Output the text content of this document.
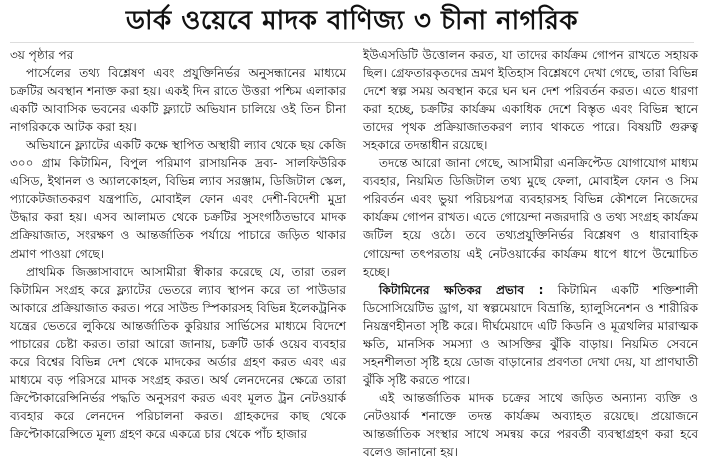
ডার্ক ওয়েবে মাদক বাণিজ্য ৩ চীনা নাগরিক

৩য় পৃষ্ঠার পর

পার্সেলের তথ্য বিশ্লেষণ এবং প্রযুক্তিনির্ভর অনুসন্ধানের মাধ্যমে চক্রটির অবস্থান শনাক্ত করা হয়। একই দিন রাতে উত্তরা পশ্চিম এলাকার একটি আবাসিক ভবনের একটি ফ্ল্যাটে অভিযান চালিয়ে ওই তিন চীনা নাগরিককে আটক করা হয়।

অভিযানে ফ্ল্যাটের একটি কক্ষে স্থাপিত অস্থায়ী ল্যাব থেকে ছয় কেজি ৩০০ গ্রাম কিটামিন, বিপুল পরিমাণ রাসায়নিক দ্রব্য- সালফিউরিক এসিড, ইথানল ও অ্যালকোহল, বিভিন্ন ল্যাব সরঞ্জাম, ডিজিটাল স্কেল, প্যাকেটজাতকরণ যন্ত্রপাতি, মোবাইল ফোন এবং দেশী-বিদেশী মুদ্রা উদ্ধার করা হয়। এসব আলামত থেকে চক্রটির সুসংগঠিতভাবে মাদক প্রক্রিয়াজাত, সংরক্ষণ ও আন্তর্জাতিক পর্যায়ে পাচারে জড়িত থাকার প্রমাণ পাওয়া গেছে।

প্রাথমিক জিজ্ঞাসাবাদে আসামীরা স্বীকার করেছে যে, তারা তরল কিটামিন সংগ্রহ করে ফ্ল্যাটের ভেতরে ল্যাব স্থাপন করে তা পাউডার আকারে প্রক্রিয়াজাত করত। পরে সাউন্ড স্পিকারসহ বিভিন্ন ইলেকট্রনিক যন্ত্রের ভেতরে লুকিয়ে আন্তর্জাতিক কুরিয়ার সার্ভিসের মাধ্যমে বিদেশে পাচারের চেষ্টা করত। তারা আরো জানায়, চক্রটি ডার্ক ওয়েব ব্যবহার করে বিশ্বের বিভিন্ন দেশ থেকে মাদকের অর্ডার গ্রহণ করত এবং এর মাধ্যমে বড় পরিসরে মাদক সংগ্রহ করত। অর্থ লেনদেনের ক্ষেত্রে তারা ক্রিপ্টোকারেন্সিনির্ভর পদ্ধতি অনুসরণ করত এবং মূলত ট্রন নেটওয়ার্ক ব্যবহার করে লেনদেন পরিচালনা করত। গ্রাহকদের কাছ থেকে ক্রিপ্টোকারেন্সিতে মূল্য গ্রহণ করে একত্রে চার থেকে পাঁচ হাজার

ইউএসডিটি উত্তোলন করত, যা তাদের কার্যক্রম গোপন রাখতে সহায়ক ছিল। গ্রেফতারকৃতদের ভ্রমণ ইতিহাস বিশ্লেষণে দেখা গেছে, তারা বিভিন্ন দেশে স্বল্প সময় অবস্থান করে ঘন ঘন দেশ পরিবর্তন করত। এতে ধারণা করা হচ্ছে, চক্রটির কার্যক্রম একাধিক দেশে বিস্তৃত এবং বিভিন্ন স্থানে তাদের পৃথক প্রক্রিয়াজাতকরণ ল্যাব থাকতে পারে। বিষয়টি গুরুত্ব সহকারে তদন্তাধীন রয়েছে।

তদন্তে আরো জানা গেছে, আসামীরা এনক্রিপ্টেড যোগাযোগ মাধ্যম ব্যবহার, নিয়মিত ডিজিটাল তথ্য মুছে ফেলা, মোবাইল ফোন ও সিম পরিবর্তন এবং ভুয়া পরিচয়পত্র ব্যবহারসহ বিভিন্ন কৌশলে নিজেদের কার্যক্রম গোপন রাখত। এতে গোয়েন্দা নজরদারি ও তথ্য সংগ্রহ কার্যক্রম জটিল হয়ে ওঠে। তবে তথ্যপ্রযুক্তিনির্ভর বিশ্লেষণ ও ধারাবাহিক গোয়েন্দা তৎপরতায় এই নেটওয়ার্কের কার্যক্রম ধাপে ধাপে উন্মোচিত হচ্ছে।

কিটামিনের ক্ষতিকর প্রভাব : কিটামিন একটি শক্তিশালী ডিসোসিয়েটিভ ড্রাগ, যা স্বল্পমেয়াদে বিভ্রান্তি, হ্যালুসিনেশন ও শারীরিক নিয়ন্ত্রণহীনতা সৃষ্টি করে। দীর্ঘমেয়াদে এটি কিডনি ও মূত্রথলির মারাত্মক ক্ষতি, মানসিক সমস্যা ও আসক্তির ঝুঁকি বাড়ায়। নিয়মিত সেবনে সহনশীলতা সৃষ্টি হয়ে ডোজ বাড়ানোর প্রবণতা দেখা দেয়, যা প্রাণঘাতী ঝুঁকি সৃষ্টি করতে পারে।

এই আন্তর্জাতিক মাদক চক্রের সাথে জড়িত অন্যান্য ব্যক্তি ও নেটওয়ার্ক শনাক্তে তদন্ত কার্যক্রম অব্যাহত রয়েছে। প্রয়োজনে আন্তর্জাতিক সংস্থার সাথে সমন্বয় করে পরবর্তী ব্যবস্থাগ্রহণ করা হবে বলেও জানানো হয়।
